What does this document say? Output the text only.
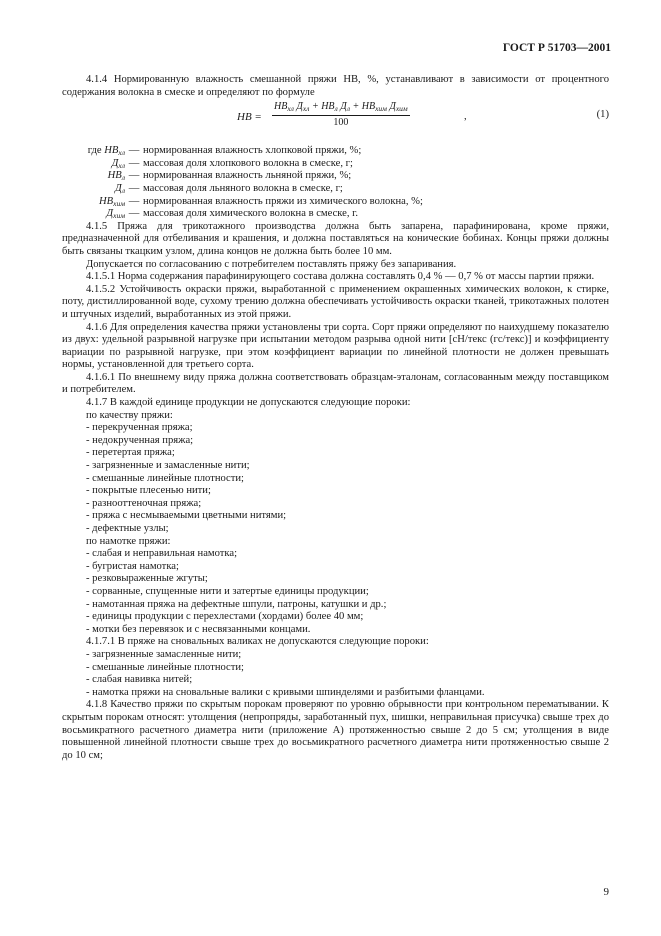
ГОСТ Р 51703—2001

4.1.4 Нормированную влажность смешанной пряжи НВ, %, устанавливают в зависимости от процентного содержания волокна в смеске и определяют по формуле

НВ =
$НВ_{хл}$ $Д_{хл} + НВ_л$ $Д_л + НВ_{хим}$ $Д_{хим}$
100
,	(1)
где $НВ_{хл}$	—	нормированная влажность хлопковой пряжи, %;
$Д_{хл}$	—	массовая доля хлопкового волокна в смеске, г;
$НВ_л$	—	нормированная влажность льняной пряжи, %;
$Д_л$	—	массовая доля льняного волокна в смеске, г;
$НВ_{хим}$	—	нормированная влажность пряжи из химического волокна, %;
$Д_{хим}$	—	массовая доля химического волокна в смеске, г.

4.1.5 Пряжа для трикотажного производства должна быть запарена, парафинирована, кроме пряжи, предназначенной для отбеливания и крашения, и должна поставляться на конические бобинах. Концы пряжи должны быть связаны ткацким узлом, длина концов не должна быть более 10 мм.

Допускается по согласованию с потребителем поставлять пряжу без запаривания.

4.1.5.1 Норма содержания парафинирующего состава должна составлять 0,4 % — 0,7 % от массы партии пряжи.

4.1.5.2 Устойчивость окраски пряжи, выработанной с применением окрашенных химических волокон, к стирке, поту, дистиллированной воде, сухому трению должна обеспечивать устойчивость окраски тканей, трикотажных полотен и штучных изделий, выработанных из этой пряжи.

4.1.6 Для определения качества пряжи установлены три сорта. Сорт пряжи определяют по наихудшему показателю из двух: удельной разрывной нагрузке при испытании методом разрыва одной нити [сН/текс (гс/текс)] и коэффициенту вариации по разрывной нагрузке, при этом коэффициент вариации по линейной плотности не должен превышать нормы, установленной для третьего сорта.

4.1.6.1 По внешнему виду пряжа должна соответствовать образцам-эталонам, согласованным между поставщиком и потребителем.

4.1.7 В каждой единице продукции не допускаются следующие пороки:

по качеству пряжи:

- перекрученная пряжа;

- недокрученная пряжа;

- перетертая пряжа;

- загрязненные и замасленные нити;

- смешанные линейные плотности;

- покрытые плесенью нити;

- разнооттеночная пряжа;

- пряжа с несмываемыми цветными нитями;

- дефектные узлы;

по намотке пряжи:

- слабая и неправильная намотка;

- бугристая намотка;

- резковыраженные жгуты;

- сорванные, спущенные нити и затертые единицы продукции;

- намотанная пряжа на дефектные шпули, патроны, катушки и др.;

- единицы продукции с перехлестами (хордами) более 40 мм;

- мотки без перевязок и с несвязанными концами.

4.1.7.1 В пряже на сновальных валиках не допускаются следующие пороки:

- загрязненные замасленные нити;

- смешанные линейные плотности;

- слабая навивка нитей;

- намотка пряжи на сновальные валики с кривыми шпинделями и разбитыми фланцами.

4.1.8 Качество пряжи по скрытым порокам проверяют по уровню обрывности при контрольном перематывании. К скрытым порокам относят: утолщения (непропряды, заработанный пух, шишки, неправильная присучка) свыше трех до восьмикратного расчетного диаметра нити (приложение А) протяженностью свыше 2 до 5 см; утолщения в виде повышенной линейной плотности свыше трех до восьмикратного расчетного диаметра нити протяженностью свыше 2 до 10 см;

9
